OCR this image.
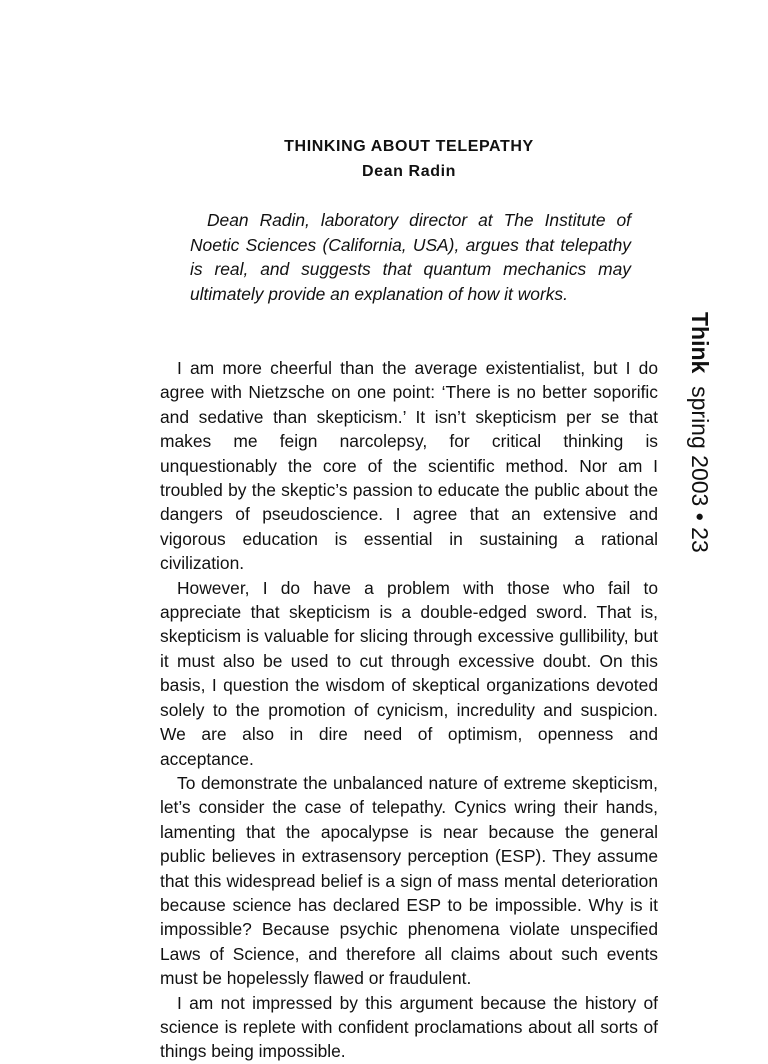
THINKING ABOUT TELEPATHY
Dean Radin

Dean Radin, laboratory director at The Institute of Noetic Sciences (California, USA), argues that telepathy is real, and suggests that quantum mechanics may ultimately provide an explanation of how it works.

I am more cheerful than the average existentialist, but I do agree with Nietzsche on one point: ‘There is no better soporific and sedative than skepticism.’ It isn’t skepticism per se that makes me feign narcolepsy, for critical thinking is unquestionably the core of the scientific method. Nor am I troubled by the skeptic’s passion to educate the public about the dangers of pseudoscience. I agree that an extensive and vigorous education is essential in sustaining a rational civilization.

However, I do have a problem with those who fail to appreciate that skepticism is a double-edged sword. That is, skepticism is valuable for slicing through excessive gullibility, but it must also be used to cut through excessive doubt. On this basis, I question the wisdom of skeptical organizations devoted solely to the promotion of cynicism, incredulity and suspicion. We are also in dire need of optimism, openness and acceptance.

To demonstrate the unbalanced nature of extreme skepticism, let’s consider the case of telepathy. Cynics wring their hands, lamenting that the apocalypse is near because the general public believes in extrasensory perception (ESP). They assume that this widespread belief is a sign of mass mental deterioration because science has declared ESP to be impossible. Why is it impossible? Because psychic phenomena violate unspecified Laws of Science, and therefore all claims about such events must be hopelessly flawed or fraudulent.

I am not impressed by this argument because the history of science is replete with confident proclamations about all sorts of things being impossible.

Think  spring 2003 • 23
